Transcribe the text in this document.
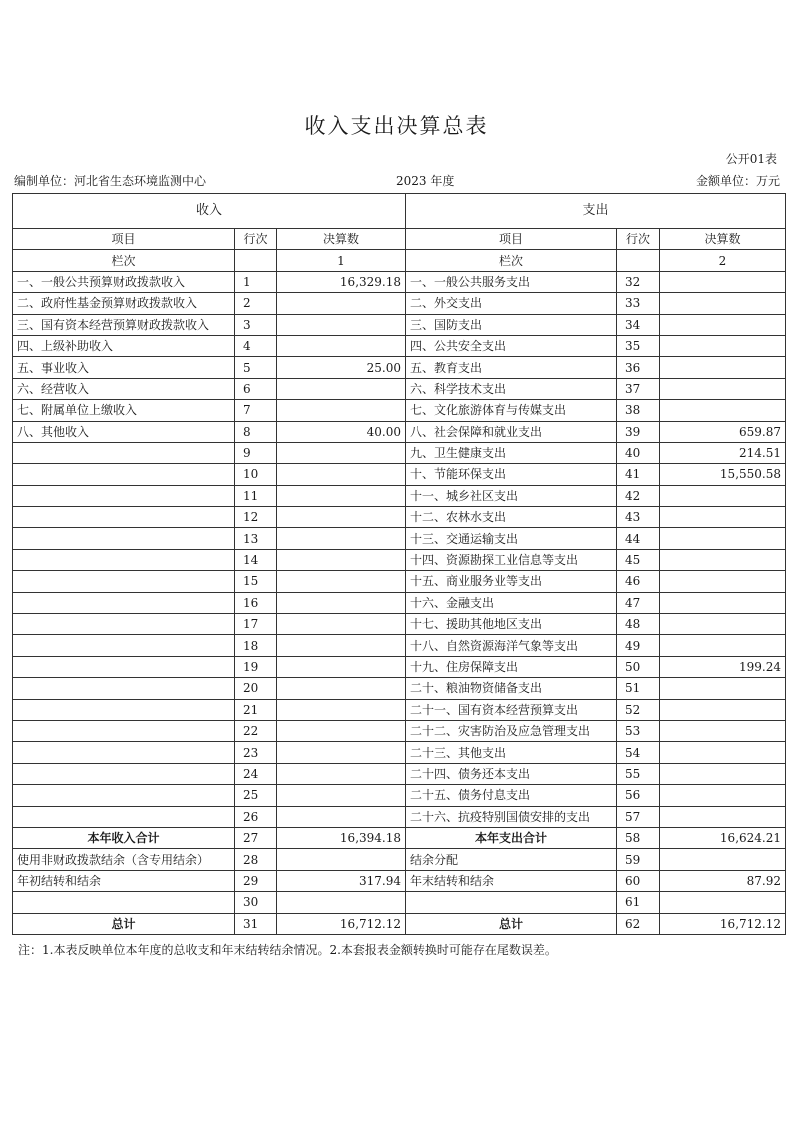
收入支出决算总表
公开01表
编制单位：河北省生态环境监测中心	2023 年度	金额单位：万元
收入			支出		
项目	行次	决算数	项目	行次	决算数
栏次		1	栏次		2
一、一般公共预算财政拨款收入	1	16,329.18	一、一般公共服务支出	32	
二、政府性基金预算财政拨款收入	2		二、外交支出	33	
三、国有资本经营预算财政拨款收入	3		三、国防支出	34	
四、上级补助收入	4		四、公共安全支出	35	
五、事业收入	5	25.00	五、教育支出	36	
六、经营收入	6		六、科学技术支出	37	
七、附属单位上缴收入	7		七、文化旅游体育与传媒支出	38	
八、其他收入	8	40.00	八、社会保障和就业支出	39	659.87
	9		九、卫生健康支出	40	214.51
	10		十、节能环保支出	41	15,550.58
	11		十一、城乡社区支出	42	
	12		十二、农林水支出	43	
	13		十三、交通运输支出	44	
	14		十四、资源勘探工业信息等支出	45	
	15		十五、商业服务业等支出	46	
	16		十六、金融支出	47	
	17		十七、援助其他地区支出	48	
	18		十八、自然资源海洋气象等支出	49	
	19		十九、住房保障支出	50	199.24
	20		二十、粮油物资储备支出	51	
	21		二十一、国有资本经营预算支出	52	
	22		二十二、灾害防治及应急管理支出	53	
	23		二十三、其他支出	54	
	24		二十四、债务还本支出	55	
	25		二十五、债务付息支出	56	
	26		二十六、抗疫特别国债安排的支出	57	
本年收入合计	27	16,394.18	本年支出合计	58	16,624.21
使用非财政拨款结余（含专用结余）	28		结余分配	59	
年初结转和结余	29	317.94	年末结转和结余	60	87.92
	30			61	
总计	31	16,712.12	总计	62	16,712.12
注：1.本表反映单位本年度的总收支和年末结转结余情况。2.本套报表金额转换时可能存在尾数误差。
